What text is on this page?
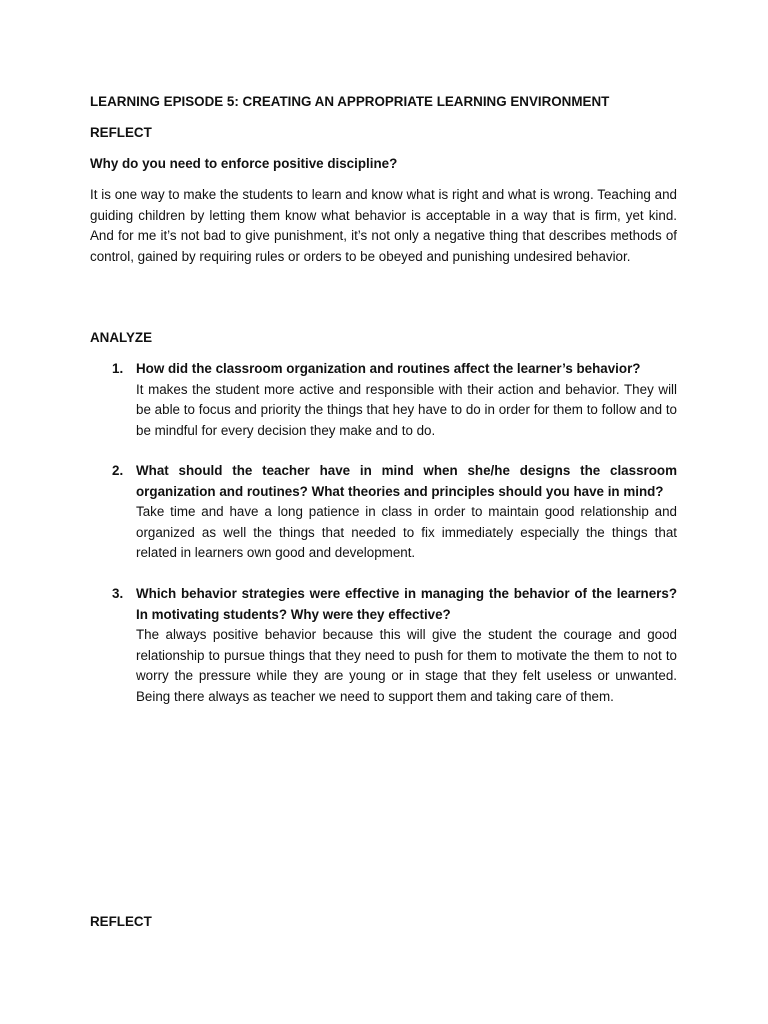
LEARNING EPISODE 5: CREATING AN APPROPRIATE LEARNING ENVIRONMENT
REFLECT
Why do you need to enforce positive discipline?
It is one way to make the students to learn and know what is right and what is wrong. Teaching and guiding children by letting them know what behavior is acceptable in a way that is firm, yet kind. And for me it’s not bad to give punishment, it’s not only a negative thing that describes methods of control, gained by requiring rules or orders to be obeyed and punishing undesired behavior.
ANALYZE
1. How did the classroom organization and routines affect the learner’s behavior?
It makes the student more active and responsible with their action and behavior. They will be able to focus and priority the things that hey have to do in order for them to follow and to be mindful for every decision they make and to do.
2. What should the teacher have in mind when she/he designs the classroom organization and routines? What theories and principles should you have in mind?
Take time and have a long patience in class in order to maintain good relationship and organized as well the things that needed to fix immediately especially the things that related in learners own good and development.
3. Which behavior strategies were effective in managing the behavior of the learners? In motivating students? Why were they effective?
The always positive behavior because this will give the student the courage and good relationship to pursue things that they need to push for them to motivate the them to not to worry the pressure while they are young or in stage that they felt useless or unwanted. Being there always as teacher we need to support them and taking care of them.
REFLECT
